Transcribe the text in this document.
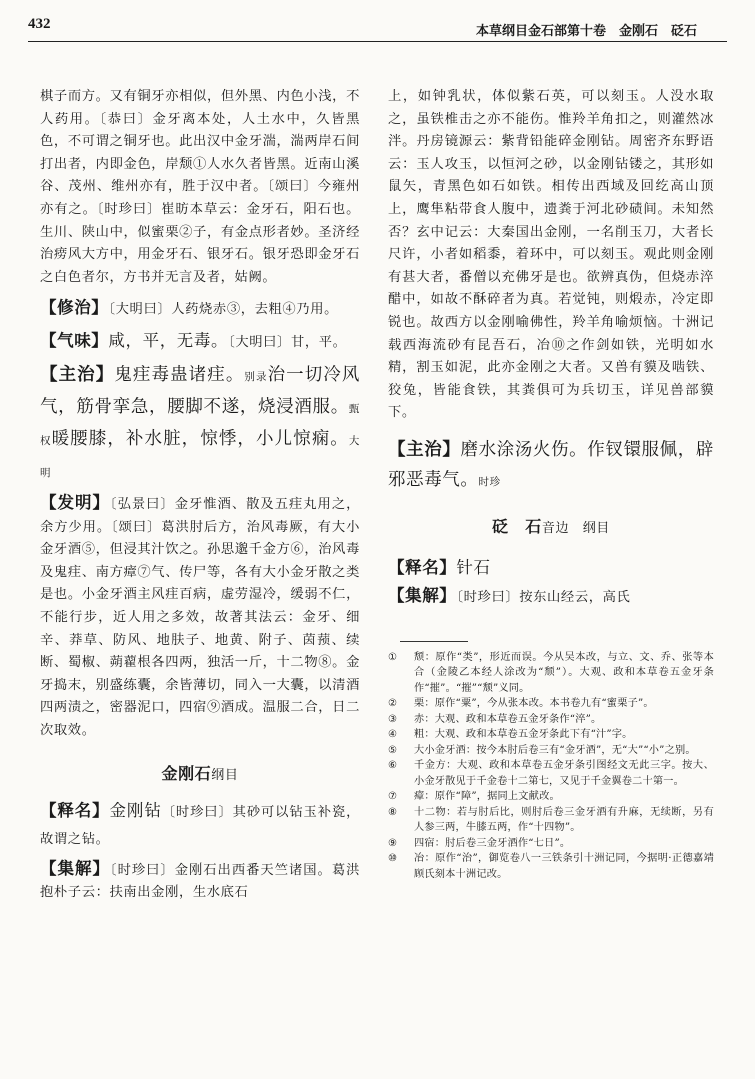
432	本草纲目金石部第十卷　金刚石　砭石

棋子而方。又有铜牙亦相似，但外黑、内色小浅，不人药用。〔恭曰〕金牙离本处，人土水中，久皆黑色，不可谓之铜牙也。此出汉中金牙湍，湍两岸石间打出者，内即金色，岸颓①人水久者皆黑。近南山溪谷、茂州、维州亦有，胜于汉中者。〔颂曰〕今雍州亦有之。〔时珍曰〕崔昉本草云：金牙石，阳石也。生川、陕山中，似蜜栗②子，有金点形者妙。圣济经治痨风大方中，用金牙石、银牙石。银牙恐即金牙石之白色者尔，方书并无言及者，姑阙。

【修治】〔大明曰〕人药烧赤③，去粗④乃用。

【气味】咸，平，无毒。〔大明曰〕甘，平。

【主治】鬼疰毒蛊诸疰。别录治一切冷风气，筋骨挛急，腰脚不遂，烧浸酒服。甄权暖腰膝，补水脏，惊悸，小儿惊痫。大明

【发明】〔弘景曰〕金牙惟酒、散及五疰丸用之，余方少用。〔颂曰〕葛洪肘后方，治风毒厥，有大小金牙酒⑤，但浸其汁饮之。孙思邈千金方⑥，治风毒及鬼疰、南方瘴⑦气、传尸等，各有大小金牙散之类是也。小金牙酒主风疰百病，虚劳湿冷，缓弱不仁，不能行步，近人用之多效，故著其法云：金牙、细辛、莽草、防风、地肤子、地黄、附子、茵蓣、续断、蜀椒、蒴藋根各四两，独活一斤，十二物⑧。金牙捣末，别盛练囊，余皆薄切，同入一大囊，以清酒四两渍之，密器泥口，四宿⑨酒成。温服二合，日二次取效。

金刚石纲目

【释名】金刚钻〔时珍曰〕其砂可以钻玉补瓷，故谓之钻。

【集解】〔时珍曰〕金刚石出西番天竺诸国。葛洪抱朴子云：扶南出金刚，生水底石

上，如钟乳状，体似紫石英，可以刻玉。人没水取之，虽铁椎击之亦不能伤。惟羚羊角扣之，则灌然冰泮。丹房镜源云：紫背铅能碎金刚钻。周密齐东野语云：玉人攻玉，以恒河之砂，以金刚钻镂之，其形如鼠矢，青黑色如石如铁。相传出西域及回纥高山顶上，鹰隼粘带食人腹中，遗粪于河北砂碛间。未知然否？玄中记云：大秦国出金刚，一名削玉刀，大者长尺许，小者如稻黍，着环中，可以刻玉。观此则金刚有甚大者，番僧以充佛牙是也。欲辨真伪，但烧赤淬醋中，如故不酥碎者为真。若觉钝，则煅赤，冷定即锐也。故西方以金刚喻佛性，羚羊角喻烦恼。十洲记载西海流砂有昆吾石，冶⑩之作剑如铁，光明如水精，割玉如泥，此亦金刚之大者。又兽有貘及啮铁、狡兔，皆能食铁，其粪俱可为兵切玉，详见兽部貘下。

【主治】磨水涂汤火伤。作钗镮服佩，辟邪恶毒气。时珍

砭　石音边　纲目

【释名】针石

【集解】〔时珍曰〕按东山经云，高氏

① 颓：原作“类”，形近而误。今从吴本改，与立、文、乔、张等本合（金陵乙本经人涂改为“颓”）。大观、政和本草卷五金牙条作“摧”。“摧”“颓”义同。
② 栗：原作“粟”，今从张本改。本书卷九有“蜜栗子”。
③ 赤：大观、政和本草卷五金牙条作“淬”。
④ 粗：大观、政和本草卷五金牙条此下有“汁”字。
⑤ 大小金牙酒：按今本肘后卷三有“金牙酒”，无“大”“小”之别。
⑥ 千金方：大观、政和本草卷五金牙条引图经文无此三字。按大、小金牙散见于千金卷十二第七，又见于千金翼卷二十第一。
⑦ 瘴：原作“障”，据同上文献改。
⑧ 十二物：若与肘后比，则肘后卷三金牙酒有升麻，无续断，另有人参三两，牛膝五两，作“十四物”。
⑨ 四宿：肘后卷三金牙酒作“七日”。
⑩ 冶：原作“治”，御览卷八一三铁条引十洲记同，今据明·正德嘉靖顾氏刻本十洲记改。
